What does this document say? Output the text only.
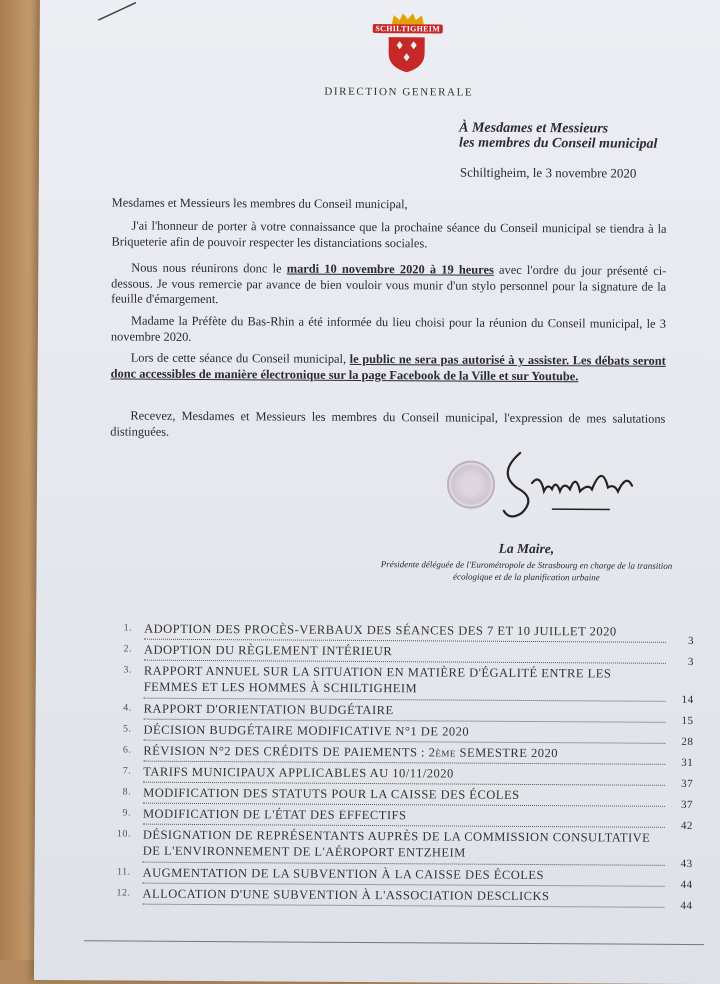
SCHILTIGHEIM
DIRECTION GENERALE
À Mesdames et Messieurs
les membres du Conseil municipal
Schiltigheim, le 3 novembre 2020
Mesdames et Messieurs les membres du Conseil municipal,
J'ai l'honneur de porter à votre connaissance que la prochaine séance du Conseil municipal se tiendra à la Briqueterie afin de pouvoir respecter les distanciations sociales.
Nous nous réunirons donc le mardi 10 novembre 2020 à 19 heures avec l'ordre du jour présenté ci-dessous. Je vous remercie par avance de bien vouloir vous munir d'un stylo personnel pour la signature de la feuille d'émargement.
Madame la Préfète du Bas-Rhin a été informée du lieu choisi pour la réunion du Conseil municipal, le 3 novembre 2020.
Lors de cette séance du Conseil municipal, le public ne sera pas autorisé à y assister. Les débats seront donc accessibles de manière électronique sur la page Facebook de la Ville et sur Youtube.
Recevez, Mesdames et Messieurs les membres du Conseil municipal, l'expression de mes salutations distinguées.
La Maire,
Présidente déléguée de l'Eurométropole de Strasbourg en charge de la transition écologique et de la planification urbaine
1. ADOPTION DES PROCÈS-VERBAUX DES SÉANCES DES 7 ET 10 JUILLET 2020
3
2. ADOPTION DU RÈGLEMENT INTÉRIEUR
3
3. RAPPORT ANNUEL SUR LA SITUATION EN MATIÈRE D'ÉGALITÉ ENTRE LES FEMMES ET LES HOMMES À SCHILTIGHEIM
14
4. RAPPORT D'ORIENTATION BUDGÉTAIRE
15
5. DÉCISION BUDGÉTAIRE MODIFICATIVE N°1 DE 2020
28
6. RÉVISION N°2 DES CRÉDITS DE PAIEMENTS : 2ème SEMESTRE 2020
31
7. TARIFS MUNICIPAUX APPLICABLES AU 10/11/2020
37
8. MODIFICATION DES STATUTS POUR LA CAISSE DES ÉCOLES
37
9. MODIFICATION DE L'ÉTAT DES EFFECTIFS
42
10. DÉSIGNATION DE REPRÉSENTANTS AUPRÈS DE LA COMMISSION CONSULTATIVE DE L'ENVIRONNEMENT DE L'AÉROPORT ENTZHEIM
43
11. AUGMENTATION DE LA SUBVENTION À LA CAISSE DES ÉCOLES
44
12. ALLOCATION D'UNE SUBVENTION À L'ASSOCIATION DESCLICKS
44
